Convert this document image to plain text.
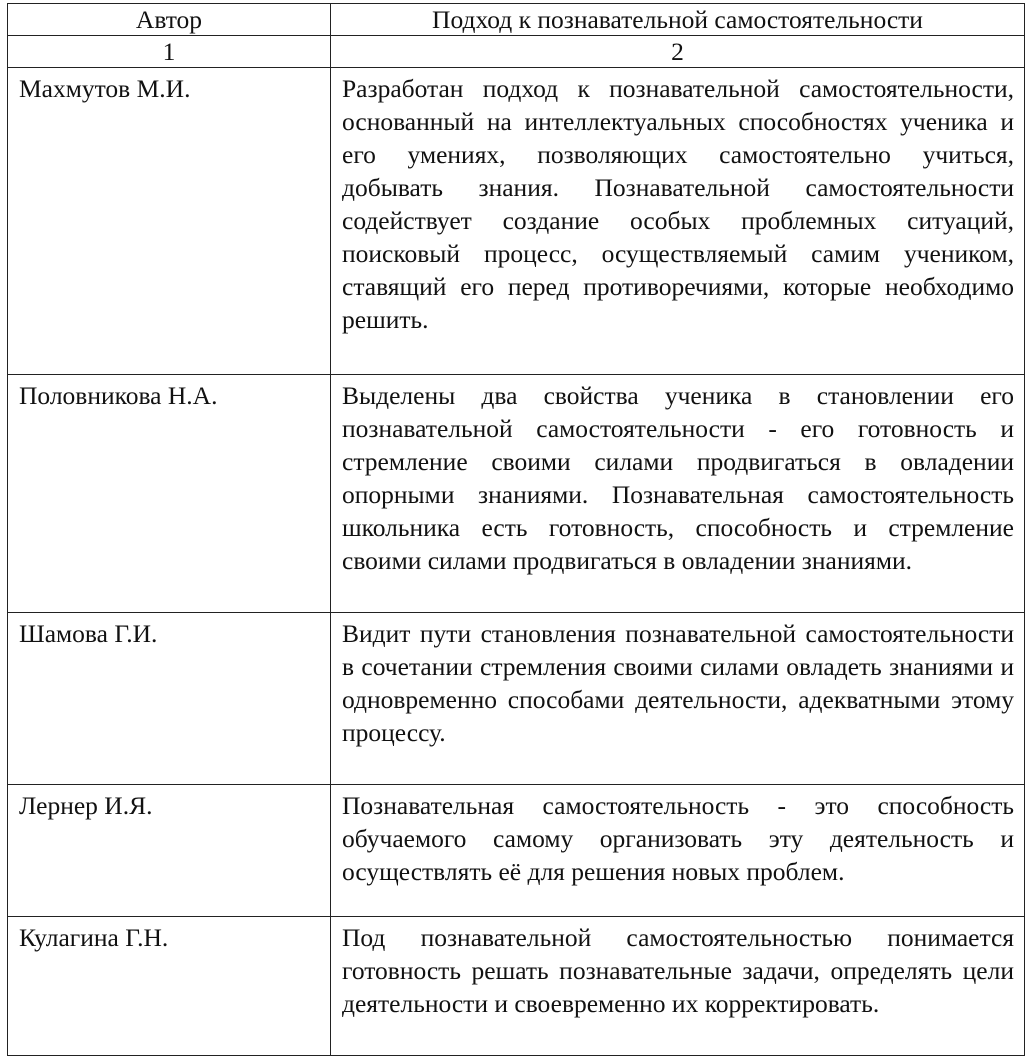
Автор	Подход к познавательной самостоятельности
1	2
Махмутов М.И.	Разработан подход к познавательной самостоятельности, основанный на интеллектуальных способностях ученика и его умениях, позволяющих самостоятельно учиться, добывать знания. Познавательной самостоятельности содействует создание особых проблемных ситуаций, поисковый процесс, осуществляемый самим учеником, ставящий его перед противоречиями, которые необходимо решить.
Половникова Н.А.	Выделены два свойства ученика в становлении его познавательной самостоятельности - его готовность и стремление своими силами продвигаться в овладении опорными знаниями. Познавательная самостоятельность школьника есть готовность, способность и стремление своими силами продвигаться в овладении знаниями.
Шамова Г.И.	Видит пути становления познавательной самостоятельности в сочетании стремления своими силами овладеть знаниями и одновременно способами деятельности, адекватными этому процессу.
Лернер И.Я.	Познавательная самостоятельность - это способность обучаемого самому организовать эту деятельность и осуществлять её для решения новых проблем.
Кулагина Г.Н.	Под познавательной самостоятельностью понимается готовность решать познавательные задачи, определять цели деятельности и своевременно их корректировать.
